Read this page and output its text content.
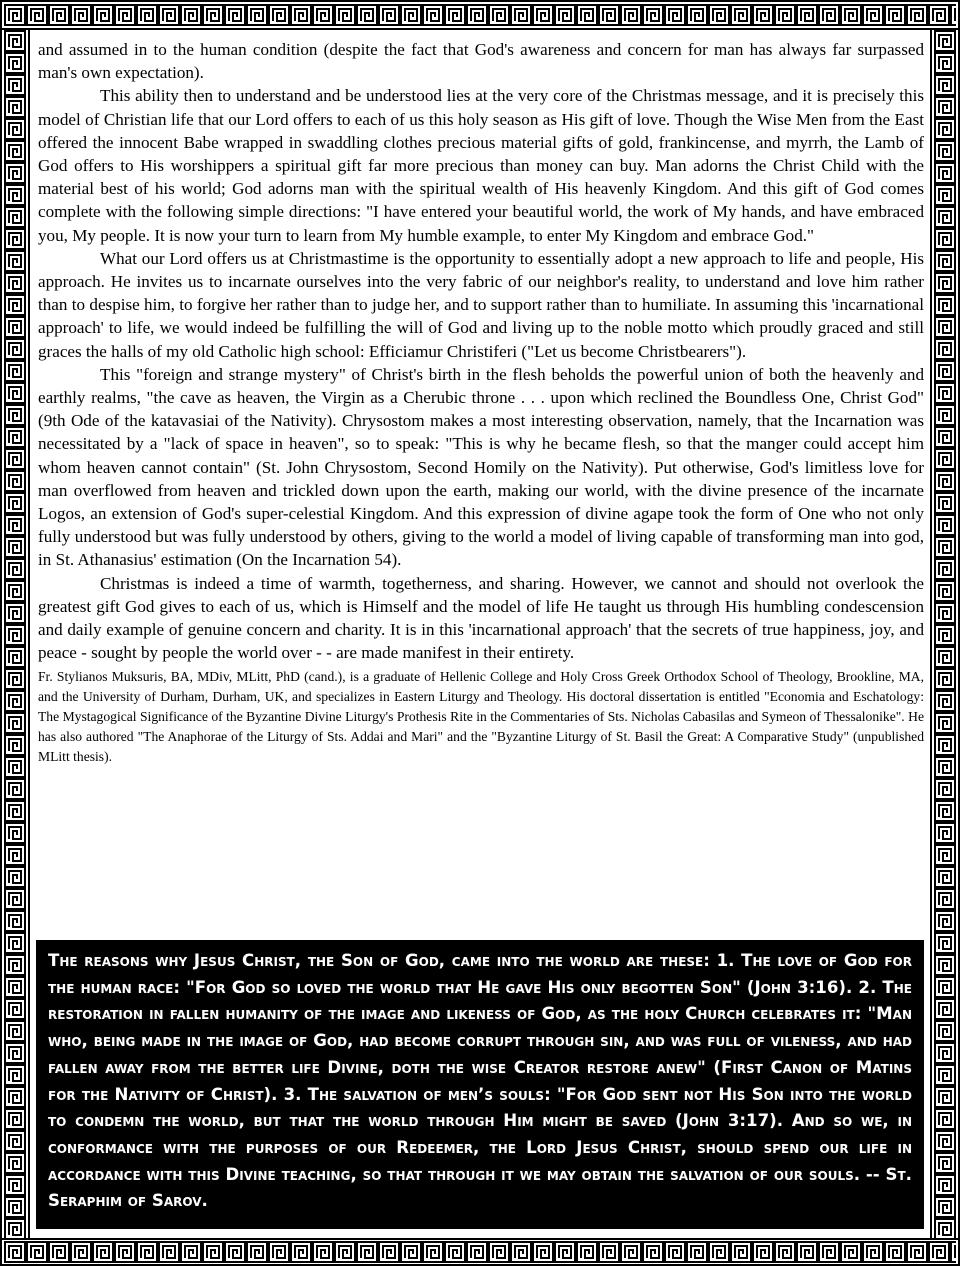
and assumed in to the human condition (despite the fact that God's awareness and concern for man has always far surpassed man's own expectation).

This ability then to understand and be understood lies at the very core of the Christmas message, and it is precisely this model of Christian life that our Lord offers to each of us this holy season as His gift of love. Though the Wise Men from the East offered the innocent Babe wrapped in swaddling clothes precious material gifts of gold, frankincense, and myrrh, the Lamb of God offers to His worshippers a spiritual gift far more precious than money can buy. Man adorns the Christ Child with the material best of his world; God adorns man with the spiritual wealth of His heavenly Kingdom. And this gift of God comes complete with the following simple directions: "I have entered your beautiful world, the work of My hands, and have embraced you, My people. It is now your turn to learn from My humble example, to enter My Kingdom and embrace God."

What our Lord offers us at Christmastime is the opportunity to essentially adopt a new approach to life and people, His approach. He invites us to incarnate ourselves into the very fabric of our neighbor's reality, to understand and love him rather than to despise him, to forgive her rather than to judge her, and to support rather than to humiliate. In assuming this 'incarnational approach' to life, we would indeed be fulfilling the will of God and living up to the noble motto which proudly graced and still graces the halls of my old Catholic high school: Efficiamur Christiferi ("Let us become Christbearers").

This "foreign and strange mystery" of Christ's birth in the flesh beholds the powerful union of both the heavenly and earthly realms, "the cave as heaven, the Virgin as a Cherubic throne . . . upon which reclined the Boundless One, Christ God" (9th Ode of the katavasiai of the Nativity). Chrysostom makes a most interesting observation, namely, that the Incarnation was necessitated by a "lack of space in heaven", so to speak: "This is why he became flesh, so that the manger could accept him whom heaven cannot contain" (St. John Chrysostom, Second Homily on the Nativity). Put otherwise, God's limitless love for man overflowed from heaven and trickled down upon the earth, making our world, with the divine presence of the incarnate Logos, an extension of God's super-celestial Kingdom. And this expression of divine agape took the form of One who not only fully understood but was fully understood by others, giving to the world a model of living capable of transforming man into god, in St. Athanasius' estimation (On the Incarnation 54).

Christmas is indeed a time of warmth, togetherness, and sharing. However, we cannot and should not overlook the greatest gift God gives to each of us, which is Himself and the model of life He taught us through His humbling condescension and daily example of genuine concern and charity. It is in this 'incarnational approach' that the secrets of true happiness, joy, and peace - sought by people the world over - - are made manifest in their entirety.

Fr. Stylianos Muksuris, BA, MDiv, MLitt, PhD (cand.), is a graduate of Hellenic College and Holy Cross Greek Orthodox School of Theology, Brookline, MA, and the University of Durham, Durham, UK, and specializes in Eastern Liturgy and Theology. His doctoral dissertation is entitled "Economia and Eschatology: The Mystagogical Significance of the Byzantine Divine Liturgy's Prothesis Rite in the Commentaries of Sts. Nicholas Cabasilas and Symeon of Thessalonike". He has also authored "The Anaphorae of the Liturgy of Sts. Addai and Mari" and the "Byzantine Liturgy of St. Basil the Great: A Comparative Study" (unpublished MLitt thesis).

The reasons why Jesus Christ, the Son of God, came into the world are these: 1. The love of God for the human race: "For God so loved the world that He gave His only begotten Son" (John 3:16). 2. The restoration in fallen humanity of the image and likeness of God, as the holy Church celebrates it: "Man who, being made in the image of God, had become corrupt through sin, and was full of vileness, and had fallen away from the better life Divine, doth the wise Creator restore anew" (First Canon of Matins for the Nativity of Christ). 3. The salvation of men’s souls: "For God sent not His Son into the world to condemn the world, but that the world through Him might be saved (John 3:17). And so we, in conformance with the purposes of our Redeemer, the Lord Jesus Christ, should spend our life in accordance with this Divine teaching, so that through it we may obtain the salvation of our souls. -- St. Seraphim of Sarov.
